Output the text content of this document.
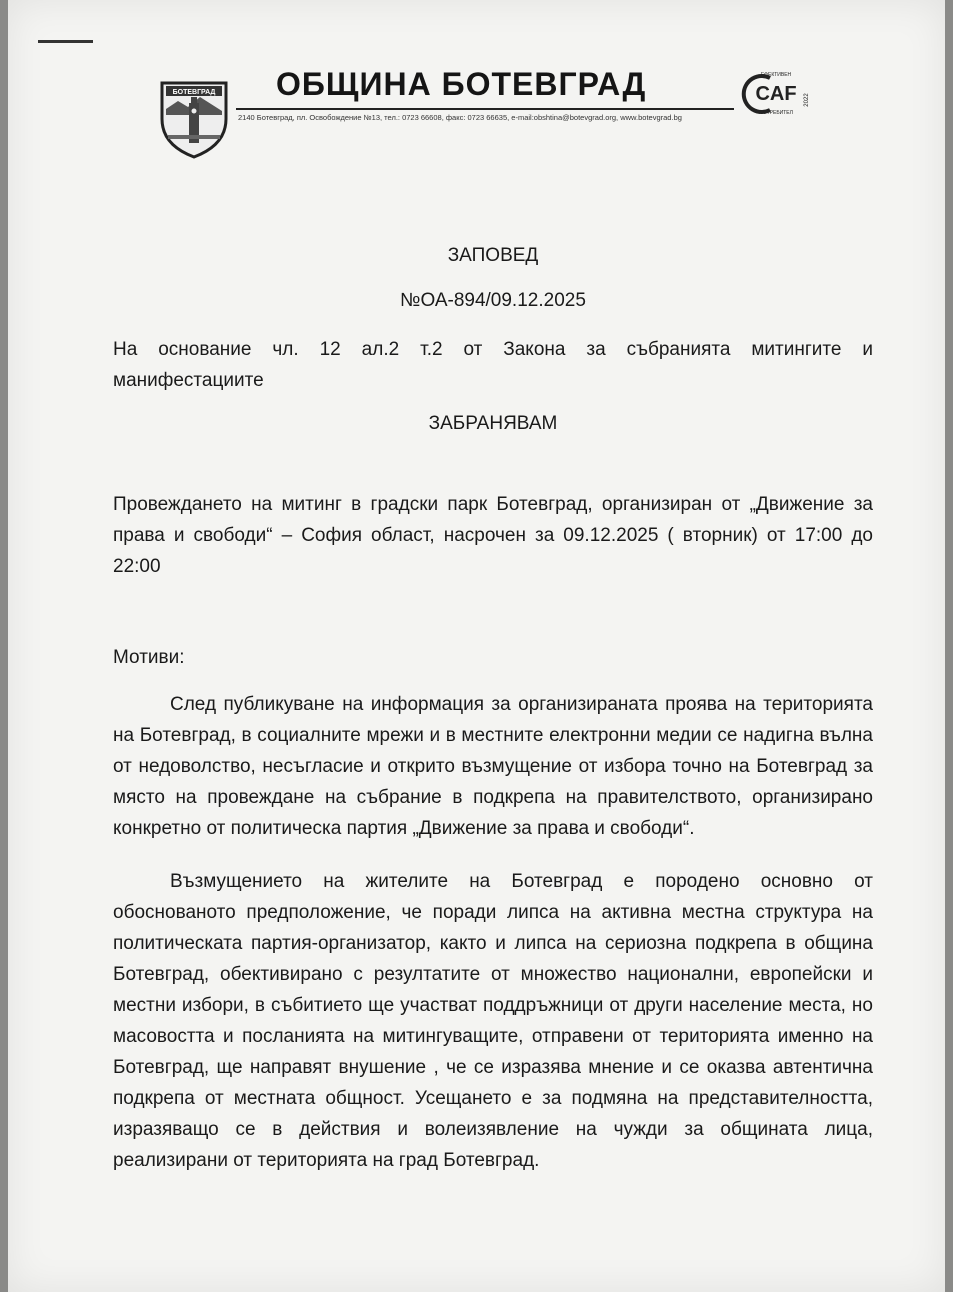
БОТЕВГРАД ОБЩИНА БОТЕВГРАД
2140 Ботевград, пл. Освобождение №13, тел.: 0723 66608, факс: 0723 66635, e-mail:obshtina@botevgrad.org, www.botevgrad.bg
CAF
ЕФЕКТИВЕН
ПОТРЕБИТЕЛ
2022

ЗАПОВЕД

№ОА-894/09.12.2025

На основание чл. 12 ал.2 т.2 от Закона за събранията митингите и манифестациите

ЗАБРАНЯВАМ

Провеждането на митинг в градски парк Ботевград, организиран от „Движение за права и свободи“ – София област, насрочен за 09.12.2025 ( вторник) от 17:00 до 22:00

Мотиви:

След публикуване на информация за организираната проява на територията на Ботевград, в социалните мрежи и в местните електронни медии се надигна вълна от недоволство, несъгласие и открито възмущение от избора точно на Ботевград за място на провеждане на събрание в подкрепа на правителството, организирано конкретно от политическа партия „Движение за права и свободи“.

Възмущението на жителите на Ботевград е породено основно от обоснованото предположение, че поради липса на активна местна структура на политическата партия-организатор, както и липса на сериозна подкрепа в община Ботевград, обективирано с резултатите от множество национални, европейски и местни избори, в събитието ще участват поддръжници от други население места, но масовостта и посланията на митингуващите, отправени от територията именно на Ботевград, ще направят внушение , че се изразява мнение и се оказва автентична подкрепа от местната общност. Усещането е за подмяна на представителността, изразяващо се в действия и волеизявление на чужди за общината лица, реализирани от територията на град Ботевград.
